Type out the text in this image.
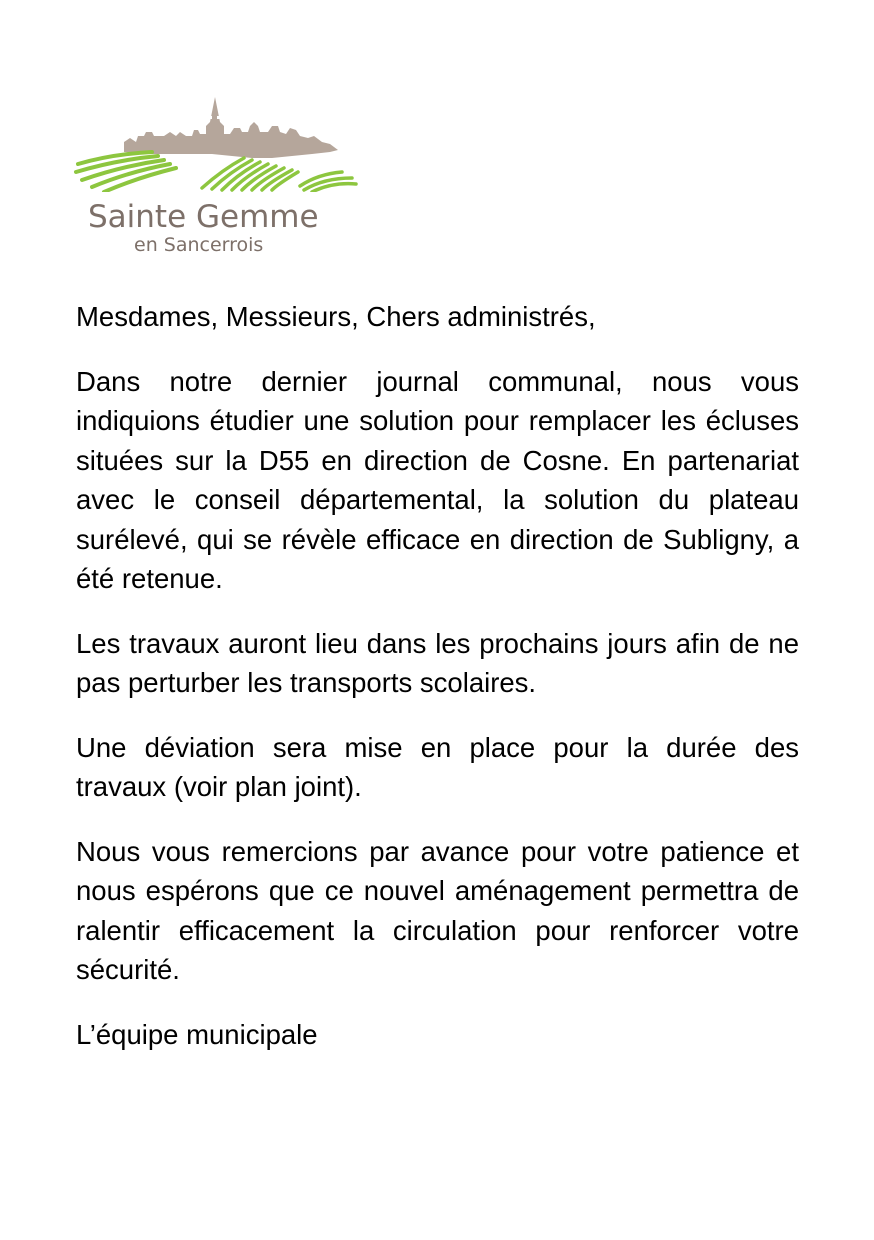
Sainte Gemme
en Sancerrois

Mesdames, Messieurs, Chers administrés,

Dans notre dernier journal communal, nous vous indiquions étudier une solution pour remplacer les écluses situées sur la D55 en direction de Cosne. En partenariat avec le conseil départemental, la solution du plateau surélevé, qui se révèle efficace en direction de Subligny, a été retenue.

Les travaux auront lieu dans les prochains jours afin de ne pas perturber les transports scolaires.

Une déviation sera mise en place pour la durée des travaux (voir plan joint).

Nous vous remercions par avance pour votre patience et nous espérons que ce nouvel aménagement permettra de ralentir efficacement la circulation pour renforcer votre sécurité.

L’équipe municipale
